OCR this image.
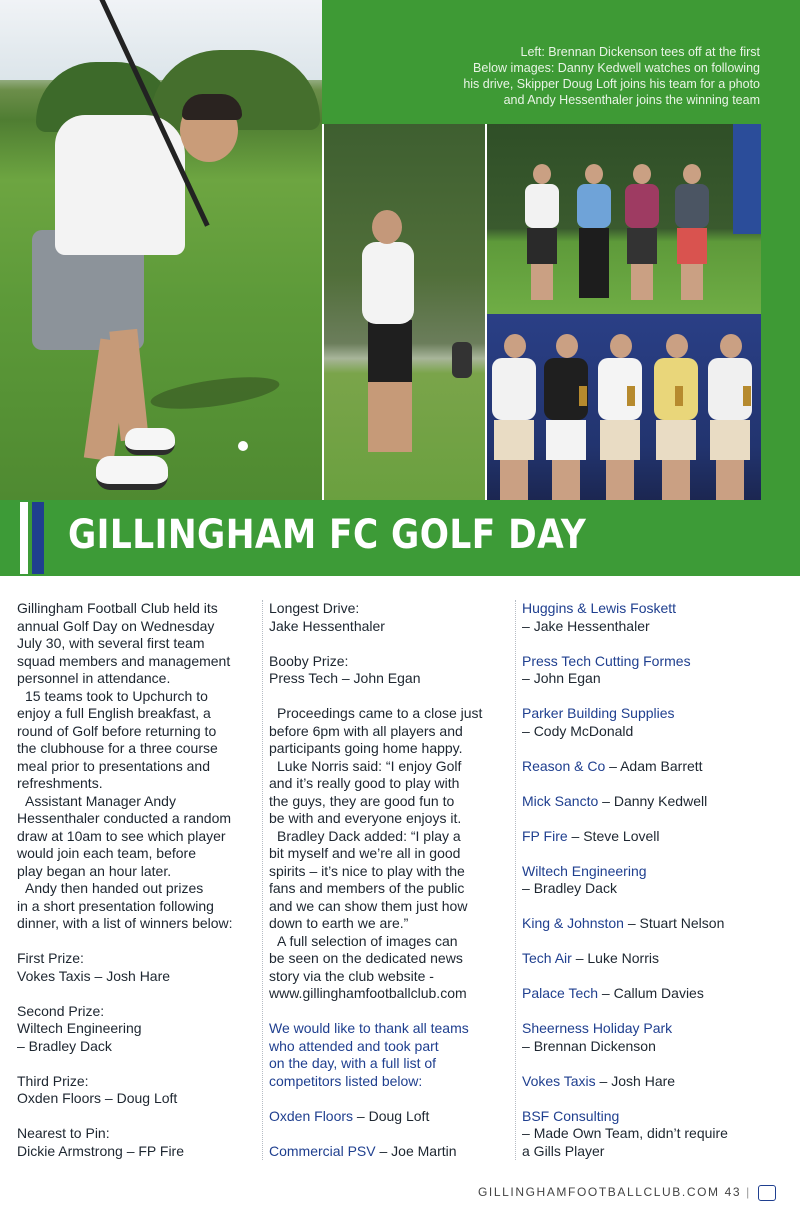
Left: Brennan Dickenson tees off at the first
Below images: Danny Kedwell watches on following
his drive, Skipper Doug Loft joins his team for a photo
and Andy Hessenthaler joins the winning team
GILLINGHAM FC GOLF DAY

Gillingham Football Club held its

annual Golf Day on Wednesday

July 30, with several first team

squad members and management

personnel in attendance.

15 teams took to Upchurch to

enjoy a full English breakfast, a

round of Golf before returning to

the clubhouse for a three course

meal prior to presentations and

refreshments.

Assistant Manager Andy

Hessenthaler conducted a random

draw at 10am to see which player

would join each team, before

play began an hour later.

Andy then handed out prizes

in a short presentation following

dinner, with a list of winners below:

First Prize:

Vokes Taxis – Josh Hare

Second Prize:

Wiltech Engineering

– Bradley Dack

Third Prize:

Oxden Floors – Doug Loft

Nearest to Pin:

Dickie Armstrong – FP Fire

Longest Drive:

Jake Hessenthaler

Booby Prize:

Press Tech – John Egan

Proceedings came to a close just

before 6pm with all players and

participants going home happy.

Luke Norris said: “I enjoy Golf

and it’s really good to play with

the guys, they are good fun to

be with and everyone enjoys it.

Bradley Dack added: “I play a

bit myself and we’re all in good

spirits – it’s nice to play with the

fans and members of the public

and we can show them just how

down to earth we are.”

A full selection of images can

be seen on the dedicated news

story via the club website -

www.gillinghamfootballclub.com

We would like to thank all teams

who attended and took part

on the day, with a full list of

competitors listed below:

Oxden Floors – Doug Loft

Commercial PSV – Joe Martin

Huggins & Lewis Foskett

– Jake Hessenthaler

Press Tech Cutting Formes

– John Egan

Parker Building Supplies

– Cody McDonald

Reason & Co – Adam Barrett

Mick Sancto – Danny Kedwell

FP Fire – Steve Lovell

Wiltech Engineering

– Bradley Dack

King & Johnston – Stuart Nelson

Tech Air – Luke Norris

Palace Tech – Callum Davies

Sheerness Holiday Park

– Brennan Dickenson

Vokes Taxis – Josh Hare

BSF Consulting

– Made Own Team, didn’t require

a Gills Player

GILLINGHAMFOOTBALLCLUB.COM 43 |
